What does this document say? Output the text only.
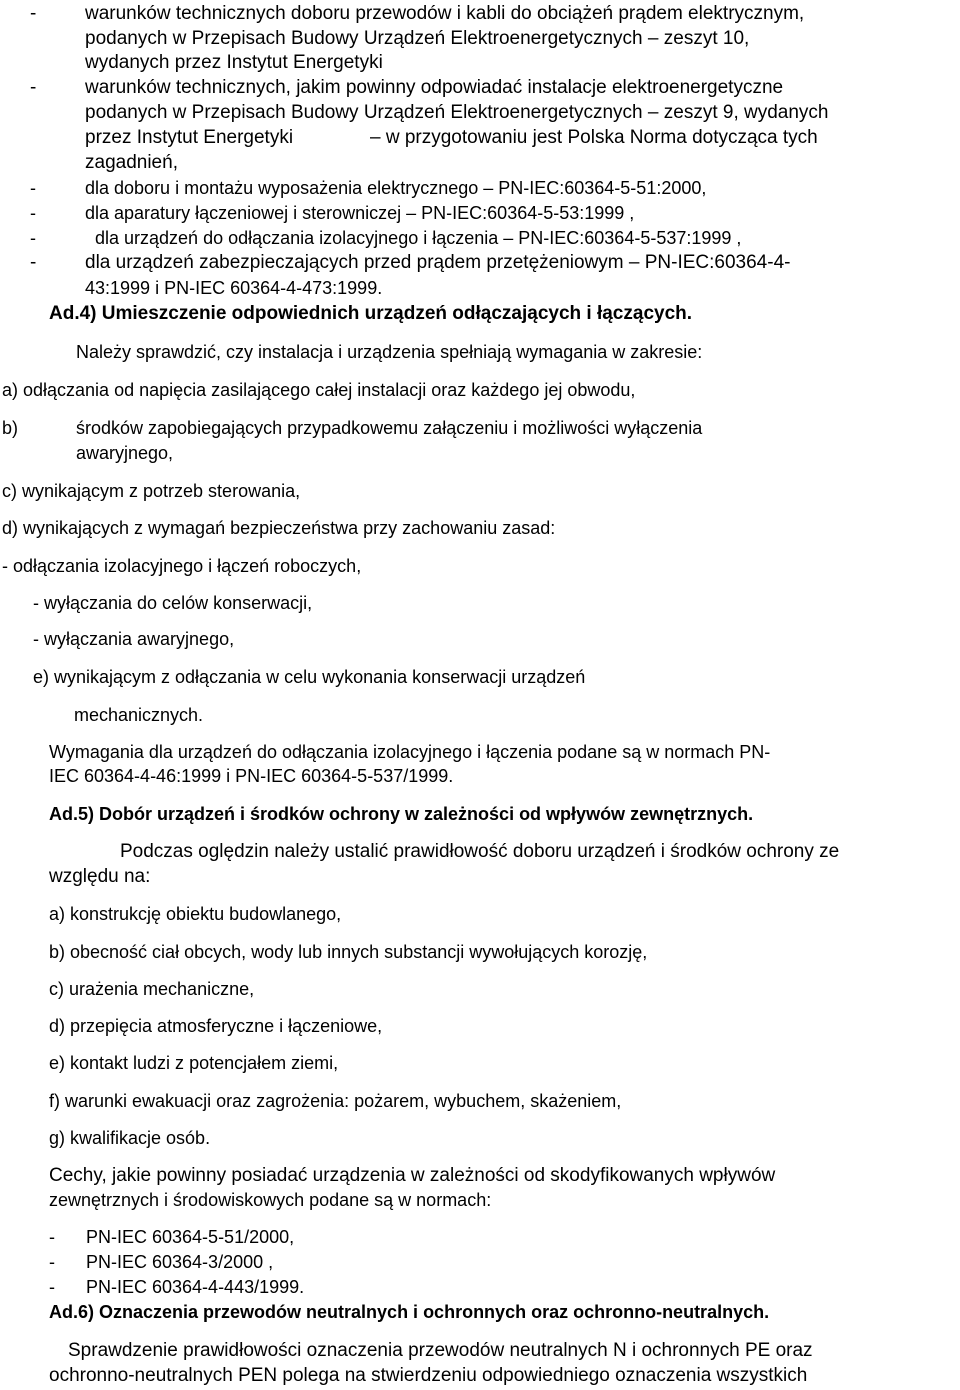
-	warunków technicznych doboru przewodów i kabli do obciążeń prądem elektrycznym,
podanych w Przepisach Budowy Urządzeń Elektroenergetycznych – zeszyt 10,
wydanych przez Instytut Energetyki
-	warunków technicznych, jakim powinny odpowiadać instalacje elektroenergetyczne
podanych w Przepisach Budowy Urządzeń Elektroenergetycznych – zeszyt 9, wydanych
przez Instytut Energetyki	– w przygotowaniu jest Polska Norma dotycząca tych
zagadnień,
-	dla doboru i montażu wyposażenia elektrycznego – PN-IEC:60364-5-51:2000,
-	dla aparatury łączeniowej i sterowniczej – PN-IEC:60364-5-53:1999 ,
-	dla urządzeń do odłączania izolacyjnego i łączenia – PN-IEC:60364-5-537:1999 ,
-	dla urządzeń zabezpieczających przed prądem przetężeniowym – PN-IEC:60364-4-
43:1999 i PN-IEC 60364-4-473:1999.
Ad.4) Umieszczenie odpowiednich urządzeń odłączających i łączących.
Należy sprawdzić, czy instalacja i urządzenia spełniają wymagania w zakresie:
a) odłączania od napięcia zasilającego całej instalacji oraz każdego jej obwodu,
b)	środków zapobiegających przypadkowemu załączeniu i możliwości wyłączenia
awaryjnego,
c) wynikającym z potrzeb sterowania,
d) wynikających z wymagań bezpieczeństwa przy zachowaniu zasad:
- odłączania izolacyjnego i łączeń roboczych,
- wyłączania do celów konserwacji,
- wyłączania awaryjnego,
e) wynikającym z odłączania w celu wykonania konserwacji urządzeń
mechanicznych.
Wymagania dla urządzeń do odłączania izolacyjnego i łączenia podane są w normach PN-
IEC 60364-4-46:1999 i PN-IEC 60364-5-537/1999.
Ad.5) Dobór urządzeń i środków ochrony w zależności od wpływów zewnętrznych.
Podczas oględzin należy ustalić prawidłowość doboru urządzeń i środków ochrony ze
względu na:
a) konstrukcję obiektu budowlanego,
b) obecność ciał obcych, wody lub innych substancji wywołujących korozję,
c) urażenia mechaniczne,
d) przepięcia atmosferyczne i łączeniowe,
e) kontakt ludzi z potencjałem ziemi,
f) warunki ewakuacji oraz zagrożenia: pożarem, wybuchem, skażeniem,
g) kwalifikacje osób.
Cechy, jakie powinny posiadać urządzenia w zależności od skodyfikowanych wpływów
zewnętrznych i środowiskowych podane są w normach:
- PN-IEC 60364-5-51/2000,
- PN-IEC 60364-3/2000 ,
- PN-IEC 60364-4-443/1999.
Ad.6) Oznaczenia przewodów neutralnych i ochronnych oraz ochronno-neutralnych.
Sprawdzenie prawidłowości oznaczenia przewodów neutralnych N i ochronnych PE oraz
ochronno-neutralnych PEN polega na stwierdzeniu odpowiedniego oznaczenia wszystkich
